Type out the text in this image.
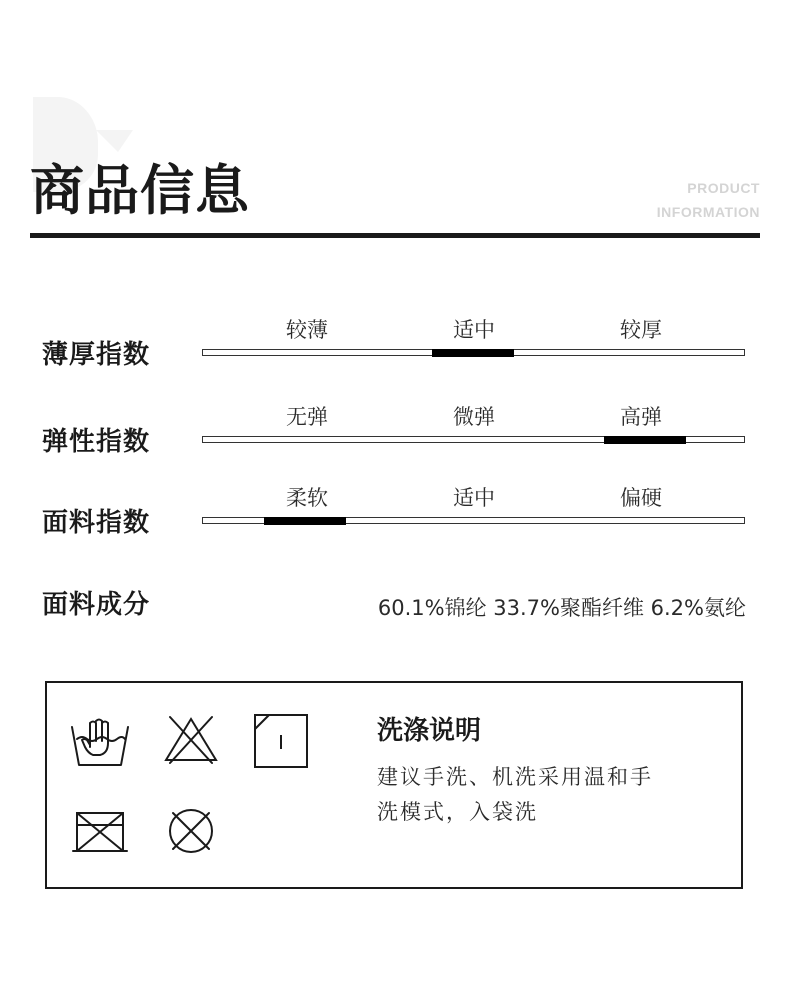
商品信息	PRODUCT
INFORMATION
薄厚指数
较薄	适中	较厚
弹性指数
无弹	微弹	高弹
面料指数
柔软	适中	偏硬
面料成分	60.1%锦纶 33.7%聚酯纤维 6.2%氨纶
洗涤说明
建议手洗、机洗采用温和手
洗模式，入袋洗
